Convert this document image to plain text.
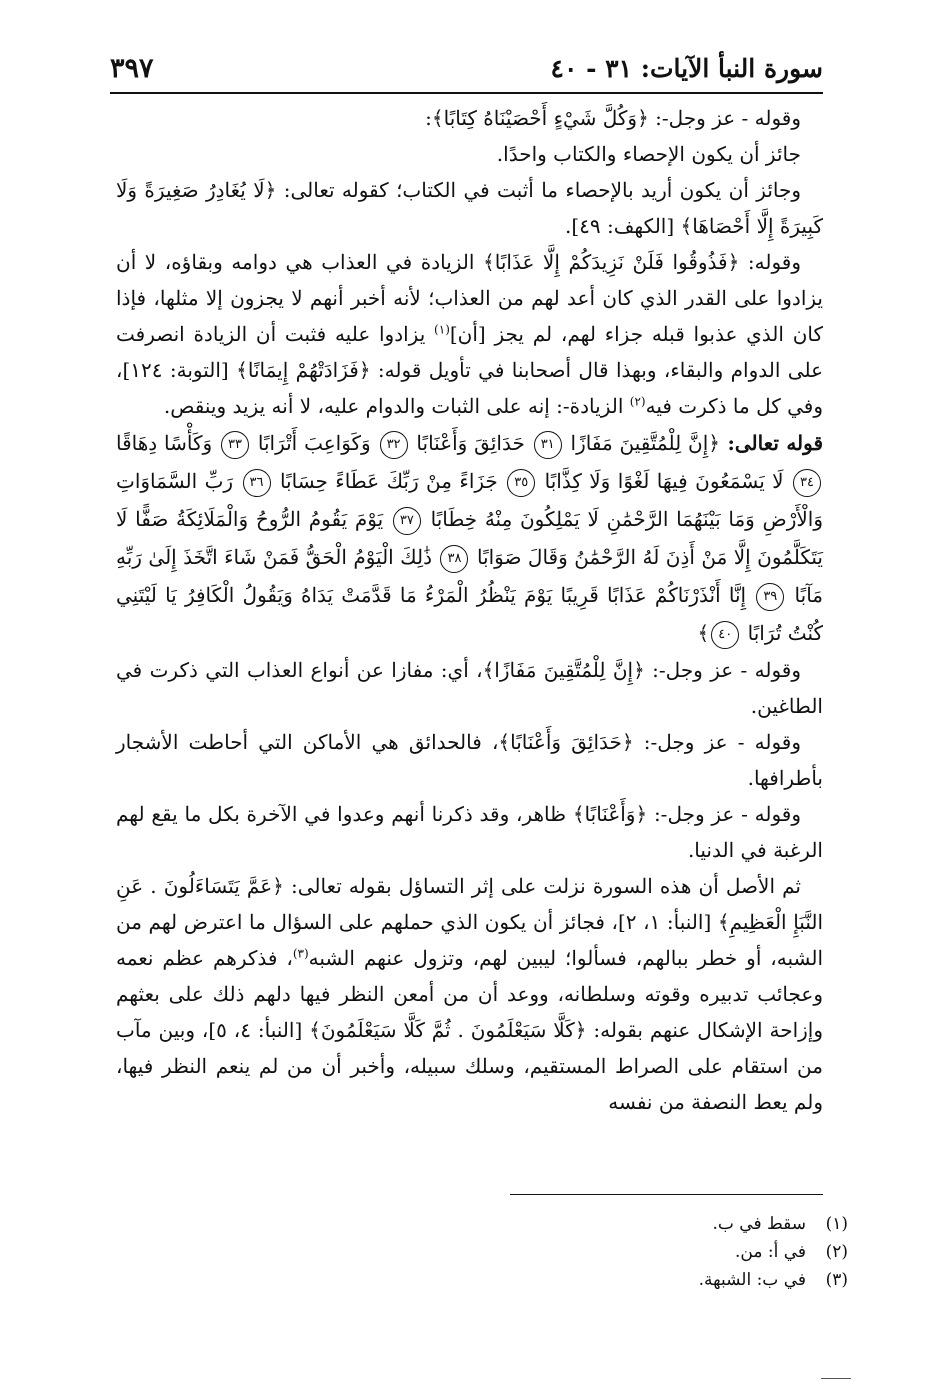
سورة النبأ الآيات: ٣١ - ٤٠
٣٩٧

وقوله - عز وجل-: ﴿وَكُلَّ شَيْءٍ أَحْصَيْنَاهُ كِتَابًا﴾:

جائز أن يكون الإحصاء والكتاب واحدًا.

وجائز أن يكون أريد بالإحصاء ما أثبت في الكتاب؛ كقوله تعالى: ﴿لَا يُغَادِرُ صَغِيرَةً وَلَا كَبِيرَةً إِلَّا أَحْصَاهَا﴾ [الكهف: ٤٩].

وقوله: ﴿فَذُوقُوا فَلَنْ نَزِيدَكُمْ إِلَّا عَذَابًا﴾ الزيادة في العذاب هي دوامه وبقاؤه، لا أن يزادوا على القدر الذي كان أعد لهم من العذاب؛ لأنه أخبر أنهم لا يجزون إلا مثلها، فإذا كان الذي عذبوا قبله جزاء لهم، لم يجز [أن]$^{(١)}$ يزادوا عليه فثبت أن الزيادة انصرفت على الدوام والبقاء، وبهذا قال أصحابنا في تأويل قوله: ﴿فَزَادَتْهُمْ إِيمَانًا﴾ [التوبة: ١٢٤]، وفي كل ما ذكرت فيه$^{(٢)}$ الزيادة-: إنه على الثبات والدوام عليه، لا أنه يزيد وينقص.

قوله تعالى: ﴿إِنَّ لِلْمُتَّقِينَ مَفَازًا ٣١ حَدَائِقَ وَأَعْنَابًا ٣٢ وَكَوَاعِبَ أَتْرَابًا ٣٣ وَكَأْسًا دِهَاقًا ٣٤ لَا يَسْمَعُونَ فِيهَا لَغْوًا وَلَا كِذَّابًا ٣٥ جَزَاءً مِنْ رَبِّكَ عَطَاءً حِسَابًا ٣٦ رَبِّ السَّمَاوَاتِ وَالْأَرْضِ وَمَا بَيْنَهُمَا الرَّحْمَٰنِ لَا يَمْلِكُونَ مِنْهُ خِطَابًا ٣٧ يَوْمَ يَقُومُ الرُّوحُ وَالْمَلَائِكَةُ صَفًّا لَا يَتَكَلَّمُونَ إِلَّا مَنْ أَذِنَ لَهُ الرَّحْمَٰنُ وَقَالَ صَوَابًا ٣٨ ذَٰلِكَ الْيَوْمُ الْحَقُّ فَمَنْ شَاءَ اتَّخَذَ إِلَىٰ رَبِّهِ مَآبًا ٣٩ إِنَّا أَنْذَرْنَاكُمْ عَذَابًا قَرِيبًا يَوْمَ يَنْظُرُ الْمَرْءُ مَا قَدَّمَتْ يَدَاهُ وَيَقُولُ الْكَافِرُ يَا لَيْتَنِي كُنْتُ تُرَابًا ٤٠﴾

وقوله - عز وجل-: ﴿إِنَّ لِلْمُتَّقِينَ مَفَازًا﴾، أي: مفازا عن أنواع العذاب التي ذكرت في الطاغين.

وقوله - عز وجل-: ﴿حَدَائِقَ وَأَعْنَابًا﴾، فالحدائق هي الأماكن التي أحاطت الأشجار بأطرافها.

وقوله - عز وجل-: ﴿وَأَعْنَابًا﴾ ظاهر، وقد ذكرنا أنهم وعدوا في الآخرة بكل ما يقع لهم الرغبة في الدنيا.

ثم الأصل أن هذه السورة نزلت على إثر التساؤل بقوله تعالى: ﴿عَمَّ يَتَسَاءَلُونَ . عَنِ النَّبَإِ الْعَظِيمِ﴾ [النبأ: ١، ٢]، فجائز أن يكون الذي حملهم على السؤال ما اعترض لهم من الشبه، أو خطر ببالهم، فسألوا؛ ليبين لهم، وتزول عنهم الشبه$^{(٣)}$، فذكرهم عظم نعمه وعجائب تدبيره وقوته وسلطانه، ووعد أن من أمعن النظر فيها دلهم ذلك على بعثهم وإزاحة الإشكال عنهم بقوله: ﴿كَلَّا سَيَعْلَمُونَ . ثُمَّ كَلَّا سَيَعْلَمُونَ﴾ [النبأ: ٤، ٥]، وبين مآب من استقام على الصراط المستقيم، وسلك سبيله، وأخبر أن من لم ينعم النظر فيها، ولم يعط النصفة من نفسه

(١)
سقط في ب.
(٢)
في أ: من.
(٣)
في ب: الشبهة.
